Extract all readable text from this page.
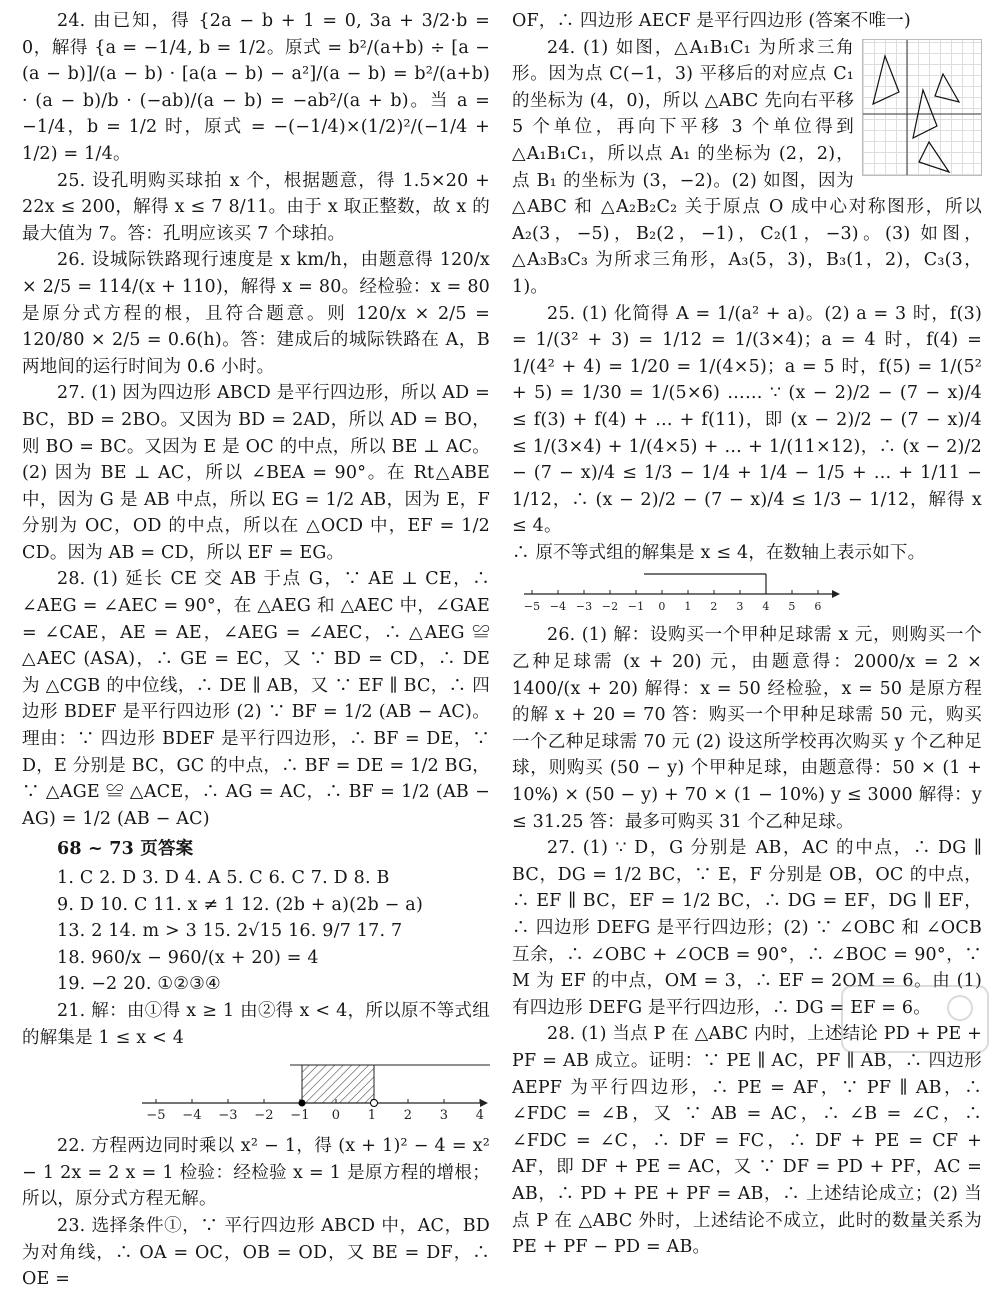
24. 由已知，得 {2a − b + 1 = 0, 3a + 3/2·b = 0，解得 {a = −1/4, b = 1/2。原式 = b²/(a+b) ÷ [a − (a − b)]/(a − b) · [a(a − b) − a²]/(a − b) = b²/(a+b) · (a − b)/b · (−ab)/(a − b) = −ab²/(a + b)。当 a = −1/4，b = 1/2 时，原式 = −(−1/4)×(1/2)²/(−1/4 + 1/2) = 1/4。

25. 设孔明购买球拍 x 个，根据题意，得 1.5×20 + 22x ≤ 200，解得 x ≤ 7 8/11。由于 x 取正整数，故 x 的最大值为 7。答：孔明应该买 7 个球拍。

26. 设城际铁路现行速度是 x km/h，由题意得 120/x × 2/5 = 114/(x + 110)，解得 x = 80。经检验：x = 80 是原分式方程的根，且符合题意。则 120/x × 2/5 = 120/80 × 2/5 = 0.6(h)。答：建成后的城际铁路在 A，B 两地间的运行时间为 0.6 小时。

27. (1) 因为四边形 ABCD 是平行四边形，所以 AD = BC，BD = 2BO。又因为 BD = 2AD，所以 AD = BO，则 BO = BC。又因为 E 是 OC 的中点，所以 BE ⊥ AC。(2) 因为 BE ⊥ AC，所以 ∠BEA = 90°。在 Rt△ABE 中，因为 G 是 AB 中点，所以 EG = 1/2 AB，因为 E，F 分别为 OC，OD 的中点，所以在 △OCD 中，EF = 1/2 CD。因为 AB = CD，所以 EF = EG。

28. (1) 延长 CE 交 AB 于点 G，∵ AE ⊥ CE，∴ ∠AEG = ∠AEC = 90°，在 △AEG 和 △AEC 中，∠GAE = ∠CAE，AE = AE，∠AEG = ∠AEC，∴ △AEG ≌ △AEC (ASA)，∴ GE = EC，又 ∵ BD = CD，∴ DE 为 △CGB 的中位线，∴ DE ∥ AB，又 ∵ EF ∥ BC，∴ 四边形 BDEF 是平行四边形 (2) ∵ BF = 1/2 (AB − AC)。理由：∵ 四边形 BDEF 是平行四边形，∴ BF = DE，∵ D，E 分别是 BC，GC 的中点，∴ BF = DE = 1/2 BG，∵ △AGE ≌ △ACE，∴ AG = AC，∴ BF = 1/2 (AB − AG) = 1/2 (AB − AC)

68 ~ 73 页答案

1. C 2. D 3. D 4. A 5. C 6. C 7. D 8. B

9. D 10. C 11. x ≠ 1 12. (2b + a)(2b − a)

13. 2 14. m > 3 15. 2√15 16. 9/7 17. 7

18. 960/x − 960/(x + 20) = 4

19. −2 20. ①②③④

21. 解：由①得 x ≥ 1 由②得 x < 4，所以原不等式组的解集是 1 ≤ x < 4

−5 −4 −3 −2 −1 0 1 2 3 4

22. 方程两边同时乘以 x² − 1，得 (x + 1)² − 4 = x² − 1 2x = 2 x = 1 检验：经检验 x = 1 是原方程的增根；所以，原分式方程无解。

23. 选择条件①，∵ 平行四边形 ABCD 中，AC，BD 为对角线，∴ OA = OC，OB = OD，又 BE = DF，∴ OE =

OF，∴ 四边形 AECF 是平行四边形 (答案不唯一)

24. (1) 如图，△A₁B₁C₁ 为所求三角形。因为点 C(−1，3) 平移后的对应点 C₁ 的坐标为 (4，0)，所以 △ABC 先向右平移 5 个单位，再向下平移 3 个单位得到 △A₁B₁C₁，所以点 A₁ 的坐标为 (2，2)，点 B₁ 的坐标为 (3，−2)。(2) 如图，因为 △ABC 和 △A₂B₂C₂ 关于原点 O 成中心对称图形，所以 A₂(3，−5)，B₂(2，−1)，C₂(1，−3)。(3) 如图，△A₃B₃C₃ 为所求三角形，A₃(5，3)，B₃(1，2)，C₃(3，1)。

25. (1) 化简得 A = 1/(a² + a)。(2) a = 3 时，f(3) = 1/(3² + 3) = 1/12 = 1/(3×4)；a = 4 时，f(4) = 1/(4² + 4) = 1/20 = 1/(4×5)；a = 5 时，f(5) = 1/(5² + 5) = 1/30 = 1/(5×6) …… ∵ (x − 2)/2 − (7 − x)/4 ≤ f(3) + f(4) + … + f(11)，即 (x − 2)/2 − (7 − x)/4 ≤ 1/(3×4) + 1/(4×5) + … + 1/(11×12)，∴ (x − 2)/2 − (7 − x)/4 ≤ 1/3 − 1/4 + 1/4 − 1/5 + … + 1/11 − 1/12，∴ (x − 2)/2 − (7 − x)/4 ≤ 1/3 − 1/12，解得 x ≤ 4。

∴ 原不等式组的解集是 x ≤ 4，在数轴上表示如下。

−5 −4 −3 −2 −1 0 1 2 3 4 5 6

26. (1) 解：设购买一个甲种足球需 x 元，则购买一个乙种足球需 (x + 20) 元，由题意得：2000/x = 2 × 1400/(x + 20) 解得：x = 50 经检验，x = 50 是原方程的解 x + 20 = 70 答：购买一个甲种足球需 50 元，购买一个乙种足球需 70 元 (2) 设这所学校再次购买 y 个乙种足球，则购买 (50 − y) 个甲种足球，由题意得：50 × (1 + 10%) × (50 − y) + 70 × (1 − 10%) y ≤ 3000 解得：y ≤ 31.25 答：最多可购买 31 个乙种足球。

27. (1) ∵ D，G 分别是 AB，AC 的中点，∴ DG ∥ BC，DG = 1/2 BC，∵ E，F 分别是 OB，OC 的中点，∴ EF ∥ BC，EF = 1/2 BC，∴ DG = EF，DG ∥ EF，∴ 四边形 DEFG 是平行四边形；(2) ∵ ∠OBC 和 ∠OCB 互余，∴ ∠OBC + ∠OCB = 90°，∴ ∠BOC = 90°，∵ M 为 EF 的中点，OM = 3，∴ EF = 2OM = 6。由 (1) 有四边形 DEFG 是平行四边形，∴ DG = EF = 6。

28. (1) 当点 P 在 △ABC 内时，上述结论 PD + PE + PF = AB 成立。证明：∵ PE ∥ AC，PF ∥ AB，∴ 四边形 AEPF 为平行四边形，∴ PE = AF，∵ PF ∥ AB，∴ ∠FDC = ∠B，又 ∵ AB = AC，∴ ∠B = ∠C，∴ ∠FDC = ∠C，∴ DF = FC，∴ DF + PE = CF + AF，即 DF + PE = AC，又 ∵ DF = PD + PF，AC = AB，∴ PD + PE + PF = AB，∴ 上述结论成立；(2) 当点 P 在 △ABC 外时，上述结论不成立，此时的数量关系为 PE + PF − PD = AB。
